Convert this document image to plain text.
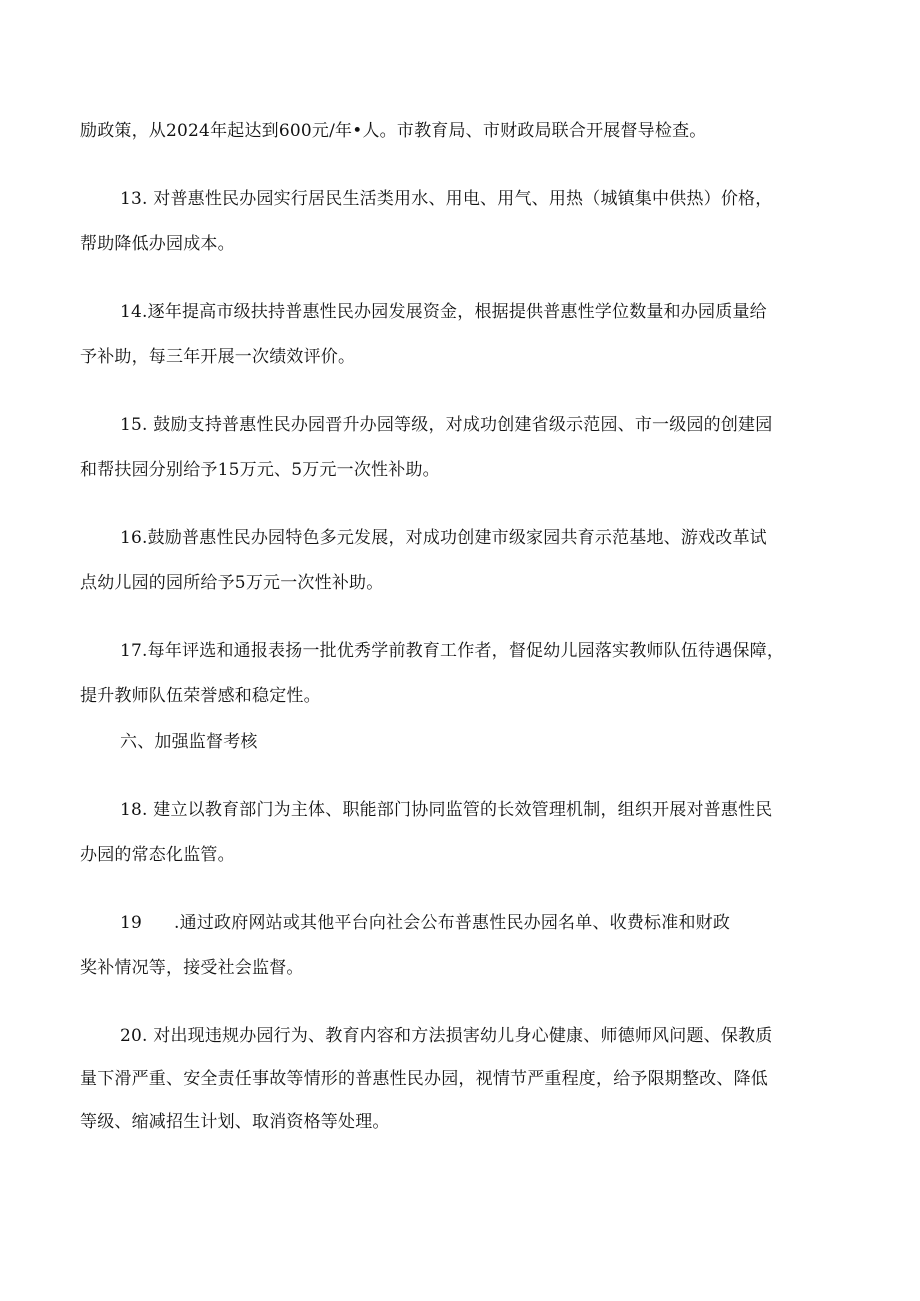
励政策，从2024年起达到600元/年•人。市教育局、市财政局联合开展督导检查。
13. 对普惠性民办园实行居民生活类用水、用电、用气、用热（城镇集中供热）价格，
帮助降低办园成本。
14.逐年提高市级扶持普惠性民办园发展资金，根据提供普惠性学位数量和办园质量给
予补助，每三年开展一次绩效评价。
15. 鼓励支持普惠性民办园晋升办园等级，对成功创建省级示范园、市一级园的创建园
和帮扶园分别给予15万元、5万元一次性补助。
16.鼓励普惠性民办园特色多元发展，对成功创建市级家园共育示范基地、游戏改革试
点幼儿园的园所给予5万元一次性补助。
17.每年评选和通报表扬一批优秀学前教育工作者，督促幼儿园落实教师队伍待遇保障，
提升教师队伍荣誉感和稳定性。
六、加强监督考核
18. 建立以教育部门为主体、职能部门协同监管的长效管理机制，组织开展对普惠性民
办园的常态化监管。
19 .通过政府网站或其他平台向社会公布普惠性民办园名单、收费标准和财政
奖补情况等，接受社会监督。
20. 对出现违规办园行为、教育内容和方法损害幼儿身心健康、师德师风问题、保教质
量下滑严重、安全责任事故等情形的普惠性民办园，视情节严重程度，给予限期整改、降低
等级、缩减招生计划、取消资格等处理。
